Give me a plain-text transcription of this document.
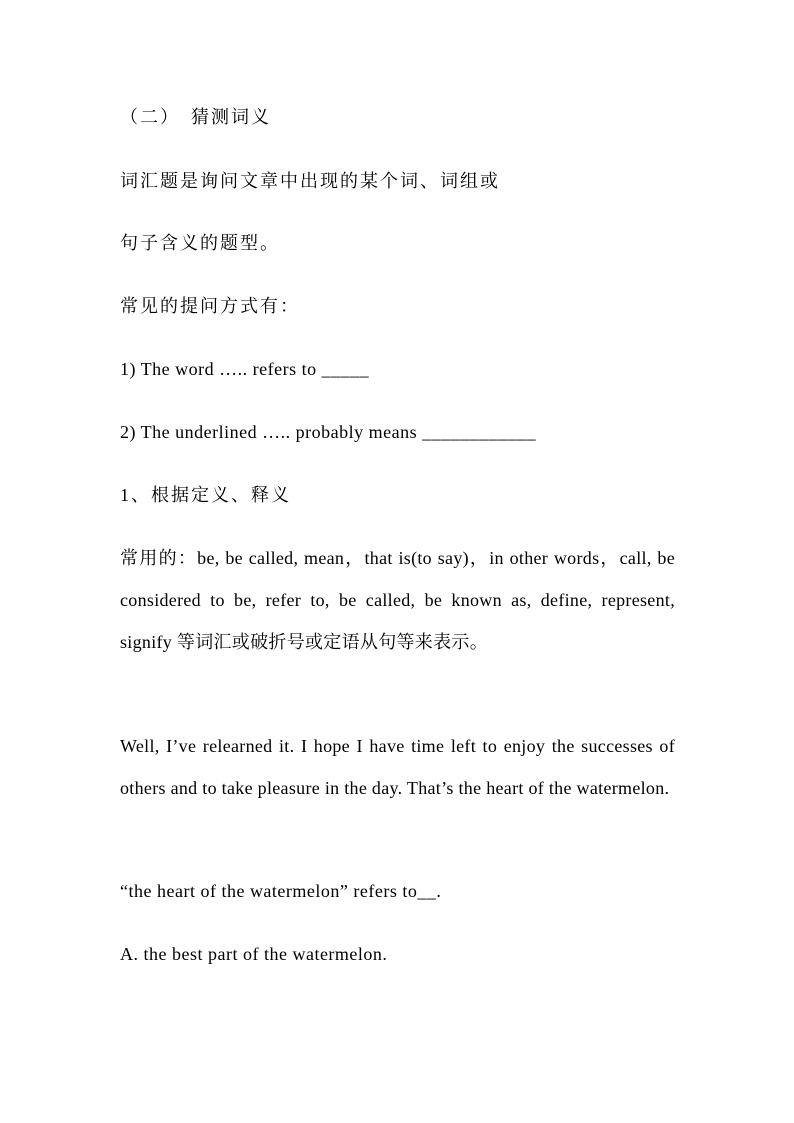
（二）　猜测词义
词汇题是询问文章中出现的某个词、词组或
句子含义的题型。
常见的提问方式有：
1) The word ….. refers to _____
2) The underlined ….. probably means ____________
1、根据定义、释义
常用的：be, be called, mean，that is(to say)，in other words，call, be considered to be, refer to, be called, be known as, define, represent, signify 等词汇或破折号或定语从句等来表示。
Well, I’ve relearned it. I hope I have time left to enjoy the successes of others and to take pleasure in the day. That’s the heart of the watermelon.
“the heart of the watermelon” refers to__.
A. the best part of the watermelon.
